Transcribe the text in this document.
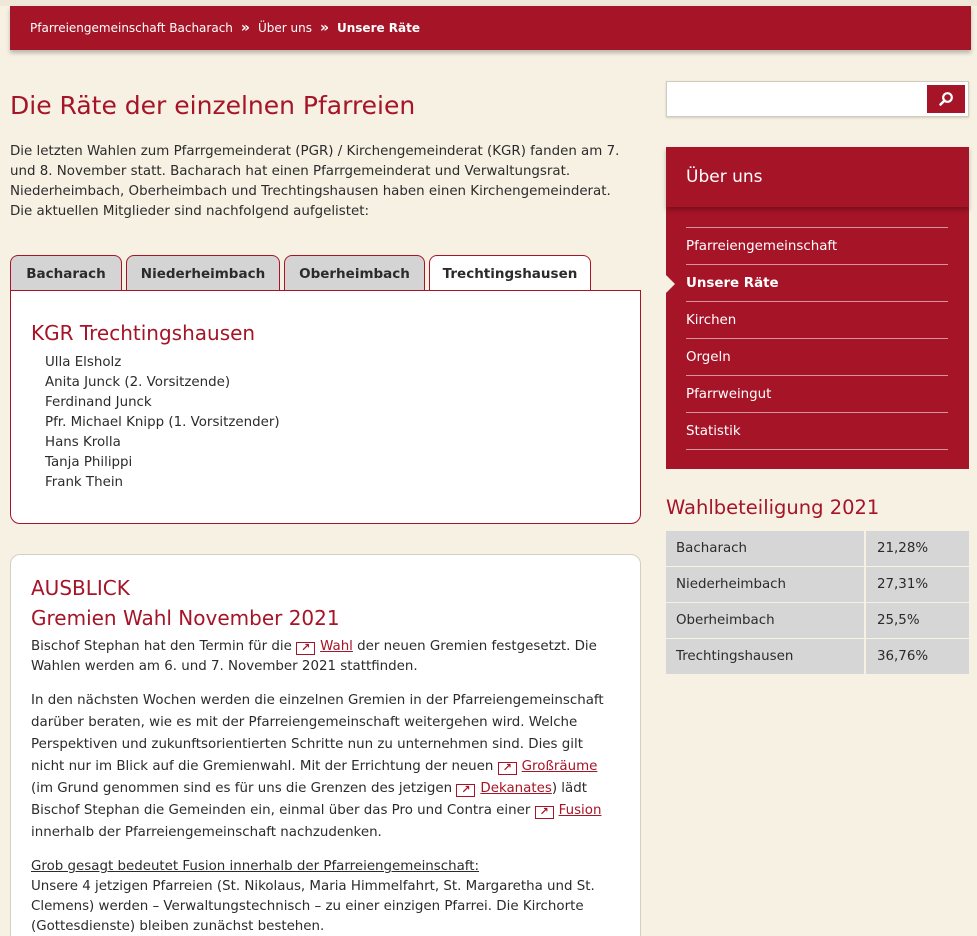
Pfarreiengemeinschaft Bacharach » Über uns » Unsere Räte
Die Räte der einzelnen Pfarreien

Die letzten Wahlen zum Pfarrgemeinderat (PGR) / Kirchengemeinderat (KGR) fanden am 7. und 8. November statt. Bacharach hat einen Pfarrgemeinderat und Verwaltungsrat. Niederheimbach, Oberheimbach und Trechtingshausen haben einen Kirchengemeinderat. Die aktuellen Mitglieder sind nachfolgend aufgelistet:

Bacharach	Niederheimbach	Oberheimbach	Trechtingshausen
KGR Trechtingshausen
Ulla Elsholz
Anita Junck (2. Vorsitzende)
Ferdinand Junck
Pfr. Michael Knipp (1. Vorsitzender)
Hans Krolla
Tanja Philippi
Frank Thein
AUSBLICK
Gremien Wahl November 2021

Bischof Stephan hat den Termin für die ↗ Wahl der neuen Gremien festgesetzt. Die Wahlen werden am 6. und 7. November 2021 stattfinden.

In den nächsten Wochen werden die einzelnen Gremien in der Pfarreiengemeinschaft darüber beraten, wie es mit der Pfarreiengemeinschaft weitergehen wird. Welche Perspektiven und zukunftsorientierten Schritte nun zu unternehmen sind. Dies gilt nicht nur im Blick auf die Gremienwahl. Mit der Errichtung der neuen ↗ Großräume (im Grund genommen sind es für uns die Grenzen des jetzigen ↗ Dekanates) lädt Bischof Stephan die Gemeinden ein, einmal über das Pro und Contra einer ↗ Fusion innerhalb der Pfarreiengemeinschaft nachzudenken.

Grob gesagt bedeutet Fusion innerhalb der Pfarreiengemeinschaft:
Unsere 4 jetzigen Pfarreien (St. Nikolaus, Maria Himmelfahrt, St. Margaretha und St. Clemens) werden – Verwaltungstechnisch – zu einer einzigen Pfarrei. Die Kirchorte (Gottesdienste) bleiben zunächst bestehen.

Über uns
Pfarreiengemeinschaft
Unsere Räte
Kirchen
Orgeln
Pfarrweingut
Statistik
Wahlbeteiligung 2021
Bacharach	21,28%
Niederheimbach	27,31%
Oberheimbach	25,5%
Trechtingshausen	36,76%
